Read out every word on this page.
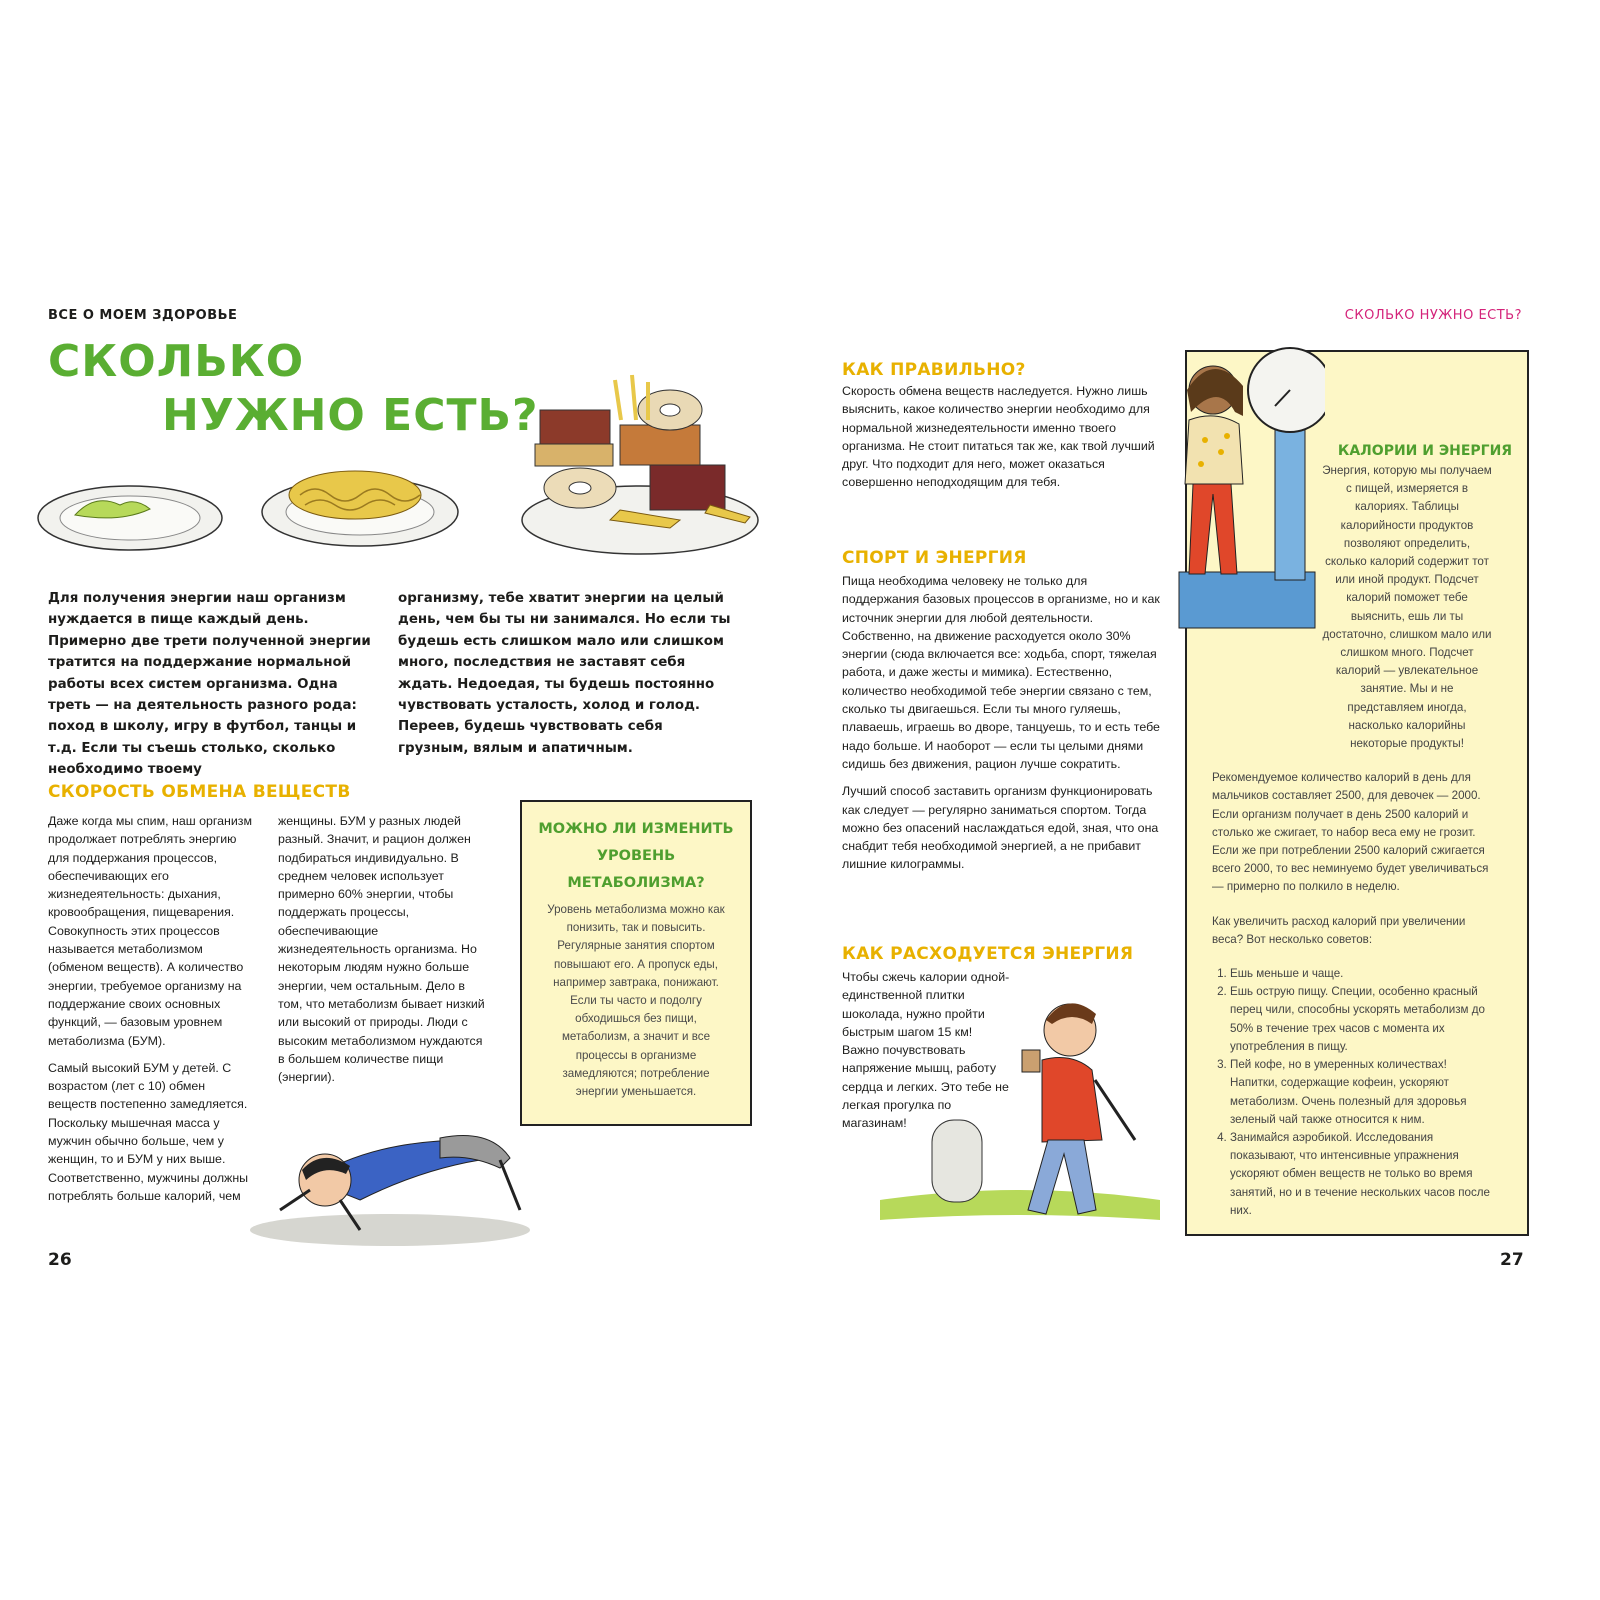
ВСЕ О МОЕМ ЗДОРОВЬЕ	СКОЛЬКО НУЖНО ЕСТЬ?
СКОЛЬКО
НУЖНО ЕСТЬ?
Для получения энергии наш организм нуждается в пище каждый день. Примерно две трети полученной энергии тратится на поддержание нормальной работы всех систем организма. Одна треть — на деятельность разного рода: поход в школу, игру в футбол, танцы и т.д. Если ты съешь столько, сколько необходимо твоему
организму, тебе хватит энергии на целый день, чем бы ты ни занимался. Но если ты будешь есть слишком мало или слишком много, последствия не заставят себя ждать. Недоедая, ты будешь постоянно чувствовать усталость, холод и голод. Переев, будешь чувствовать себя грузным, вялым и апатичным.
СКОРОСТЬ ОБМЕНА ВЕЩЕСТВ

Даже когда мы спим, наш организм продолжает потреблять энергию для поддержания процессов, обеспечивающих его жизнедеятельность: дыхания, кровообращения, пищеварения. Совокупность этих процессов называется метаболизмом (обменом веществ). А количество энергии, требуемое организму на поддержание своих основных функций, — базовым уровнем метаболизма (БУМ).

Самый высокий БУМ у детей. С возрастом (лет с 10) обмен веществ постепенно замедляется. Поскольку мышечная масса у мужчин обычно больше, чем у женщин, то и БУМ у них выше. Соответственно, мужчины должны потреблять больше калорий, чем

женщины. БУМ у разных людей разный. Значит, и рацион должен подбираться индивидуально. В среднем человек использует примерно 60% энергии, чтобы поддержать процессы, обеспечивающие жизнедеятельность организма. Но некоторым людям нужно больше энергии, чем остальным. Дело в том, что метаболизм бывает низкий или высокий от природы. Люди с высоким метаболизмом нуждаются в большем количестве пищи (энергии).

МОЖНО ЛИ ИЗМЕНИТЬ УРОВЕНЬ МЕТАБОЛИЗМА?
Уровень метаболизма можно как понизить, так и повысить. Регулярные занятия спортом повышают его. А пропуск еды, например завтрака, понижают. Если ты часто и подолгу обходишься без пищи, метаболизм, а значит и все процессы в организме замедляются; потребление энергии уменьшается.
26	27
КАК ПРАВИЛЬНО?
Скорость обмена веществ наследуется. Нужно лишь выяснить, какое количество энергии необходимо для нормальной жизнедеятельности именно твоего организма. Не стоит питаться так же, как твой лучший друг. Что подходит для него, может оказаться совершенно неподходящим для тебя.
СПОРТ И ЭНЕРГИЯ

Пища необходима человеку не только для поддержания базовых процессов в организме, но и как источник энергии для любой деятельности. Собственно, на движение расходуется около 30% энергии (сюда включается все: ходьба, спорт, тяжелая работа, и даже жесты и мимика). Естественно, количество необходимой тебе энергии связано с тем, сколько ты двигаешься. Если ты много гуляешь, плаваешь, играешь во дворе, танцуешь, то и есть тебе надо больше. И наоборот — если ты целыми днями сидишь без движения, рацион лучше сократить.

Лучший способ заставить организм функционировать как следует — регулярно заниматься спортом. Тогда можно без опасений наслаждаться едой, зная, что она снабдит тебя необходимой энергией, а не прибавит лишние килограммы.

КАК РАСХОДУЕТСЯ ЭНЕРГИЯ
Чтобы сжечь калории одной-единственной плитки шоколада, нужно пройти быстрым шагом 15 км! Важно почувствовать напряжение мышц, работу сердца и легких. Это тебе не легкая прогулка по магазинам!
КАЛОРИИ И ЭНЕРГИЯ

Энергия, которую мы получаем с пищей, измеряется в калориях. Таблицы калорийности продуктов позволяют определить, сколько калорий содержит тот или иной продукт. Подсчет калорий поможет тебе выяснить, ешь ли ты достаточно, слишком мало или слишком много. Подсчет калорий — увлекательное занятие. Мы и не представляем иногда, насколько калорийны некоторые продукты!

Рекомендуемое количество калорий в день для мальчиков составляет 2500, для девочек — 2000. Если организм получает в день 2500 калорий и столько же сжигает, то набор веса ему не грозит. Если же при потреблении 2500 калорий сжигается всего 2000, то вес неминуемо будет увеличиваться — примерно по полкило в неделю.

Как увеличить расход калорий при увеличении веса? Вот несколько советов:

1. Ешь меньше и чаще.
2. Ешь острую пищу. Специи, особенно красный перец чили, способны ускорять метаболизм до 50% в течение трех часов с момента их употребления в пищу.
3. Пей кофе, но в умеренных количествах! Напитки, содержащие кофеин, ускоряют метаболизм. Очень полезный для здоровья зеленый чай также относится к ним.
4. Занимайся аэробикой. Исследования показывают, что интенсивные упражнения ускоряют обмен веществ не только во время занятий, но и в течение нескольких часов после них.
